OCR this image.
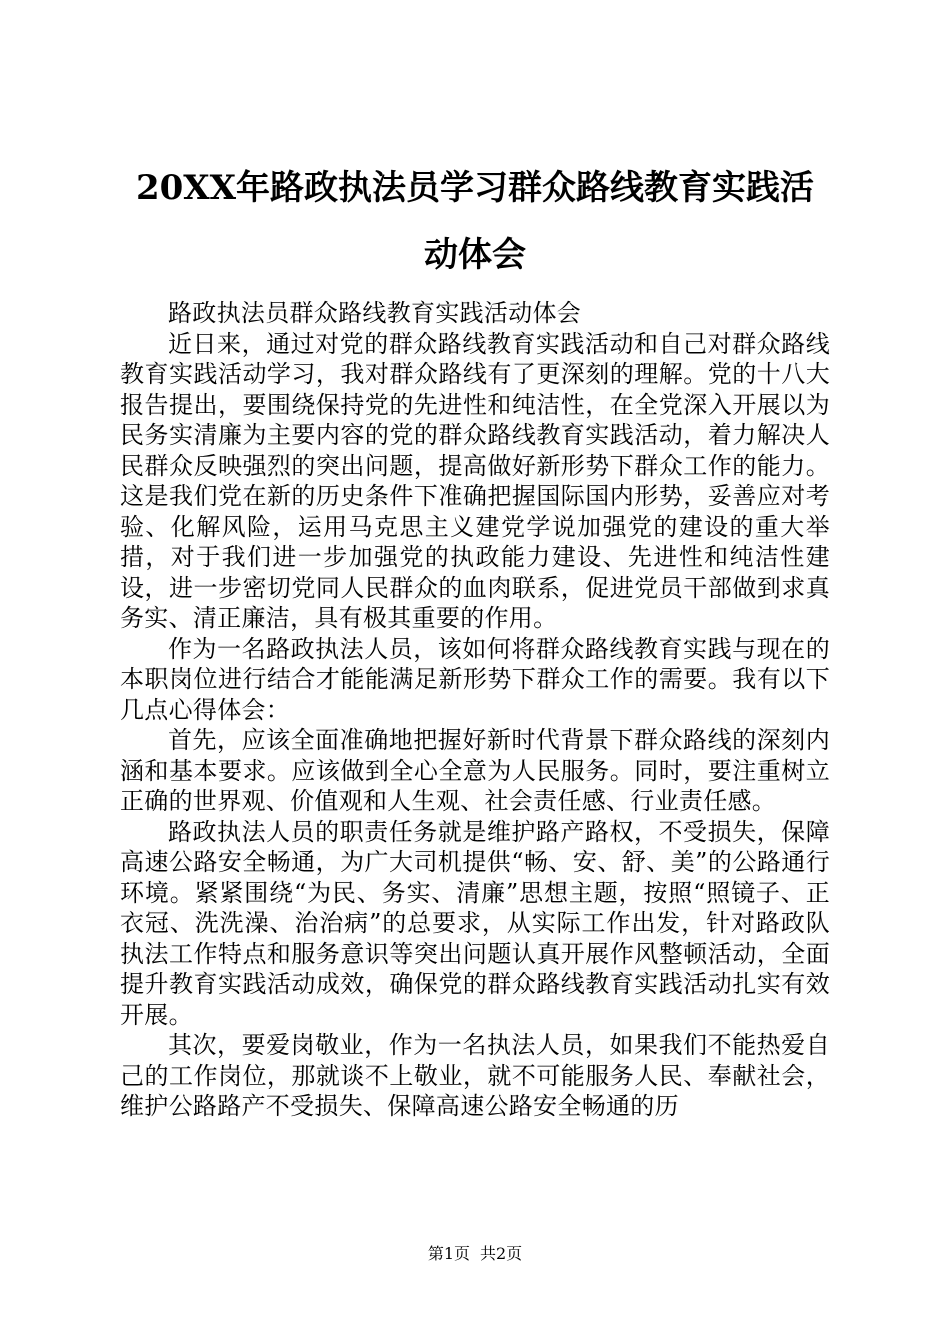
20XX年路政执法员学习群众路线教育实践活动体会

路政执法员群众路线教育实践活动体会

近日来，通过对党的群众路线教育实践活动和自己对群众路线教育实践活动学习，我对群众路线有了更深刻的理解。党的十八大报告提出，要围绕保持党的先进性和纯洁性，在全党深入开展以为民务实清廉为主要内容的党的群众路线教育实践活动，着力解决人民群众反映强烈的突出问题，提高做好新形势下群众工作的能力。这是我们党在新的历史条件下准确把握国际国内形势，妥善应对考验、化解风险，运用马克思主义建党学说加强党的建设的重大举措，对于我们进一步加强党的执政能力建设、先进性和纯洁性建设，进一步密切党同人民群众的血肉联系，促进党员干部做到求真务实、清正廉洁，具有极其重要的作用。

作为一名路政执法人员，该如何将群众路线教育实践与现在的本职岗位进行结合才能能满足新形势下群众工作的需要。我有以下几点心得体会：

首先，应该全面准确地把握好新时代背景下群众路线的深刻内涵和基本要求。应该做到全心全意为人民服务。同时，要注重树立正确的世界观、价值观和人生观、社会责任感、行业责任感。

路政执法人员的职责任务就是维护路产路权，不受损失，保障高速公路安全畅通，为广大司机提供“畅、安、舒、美”的公路通行环境。紧紧围绕“为民、务实、清廉”思想主题，按照“照镜子、正衣冠、洗洗澡、治治病”的总要求，从实际工作出发，针对路政队执法工作特点和服务意识等突出问题认真开展作风整顿活动，全面提升教育实践活动成效，确保党的群众路线教育实践活动扎实有效开展。

其次，要爱岗敬业，作为一名执法人员，如果我们不能热爱自己的工作岗位，那就谈不上敬业，就不可能服务人民、奉献社会，维护公路路产不受损失、保障高速公路安全畅通的历

第1页 共2页
